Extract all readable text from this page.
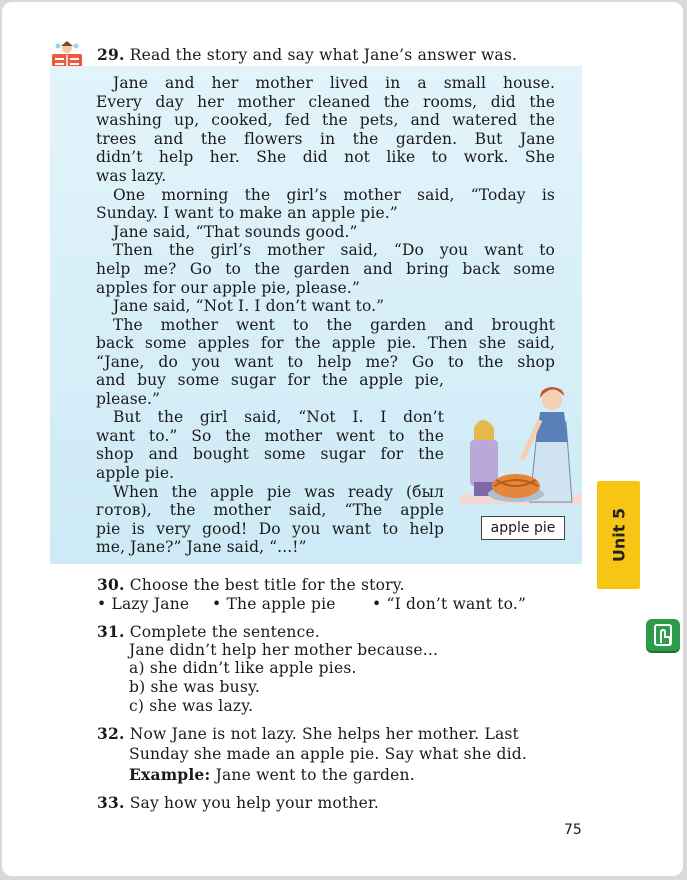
29. Read the story and say what Jane’s answer was.
Jane and her mother lived in a small house.
Every day her mother cleaned the rooms, did the
washing up, cooked, fed the pets, and watered the
trees and the flowers in the garden. But Jane
didn’t help her. She did not like to work. She
was lazy.
One morning the girl’s mother said, “Today is
Sunday. I want to make an apple pie.”
Jane said, “That sounds good.”
Then the girl’s mother said, “Do you want to
help me? Go to the garden and bring back some
apples for our apple pie, please.”
Jane said, “Not I. I don’t want to.”
The mother went to the garden and brought
back some apples for the apple pie. Then she said,
“Jane, do you want to help me? Go to the shop
and buy some sugar for the apple pie,
please.”
But the girl said, “Not I. I don’t
want to.” So the mother went to the
shop and bought some sugar for the
apple pie.
When the apple pie was ready (был
готов), the mother said, “The apple
pie is very good! Do you want to help
me, Jane?” Jane said, “...!”
apple pie
30. Choose the best title for the story.
• Lazy Jane • The apple pie • “I don’t want to.”
31. Complete the sentence.
Jane didn’t help her mother because...
a) she didn’t like apple pies.
b) she was busy.
c) she was lazy.
32. Now Jane is not lazy. She helps her mother. Last
Sunday she made an apple pie. Say what she did.
Example: Jane went to the garden.
33. Say how you help your mother.
Unit 5
75
